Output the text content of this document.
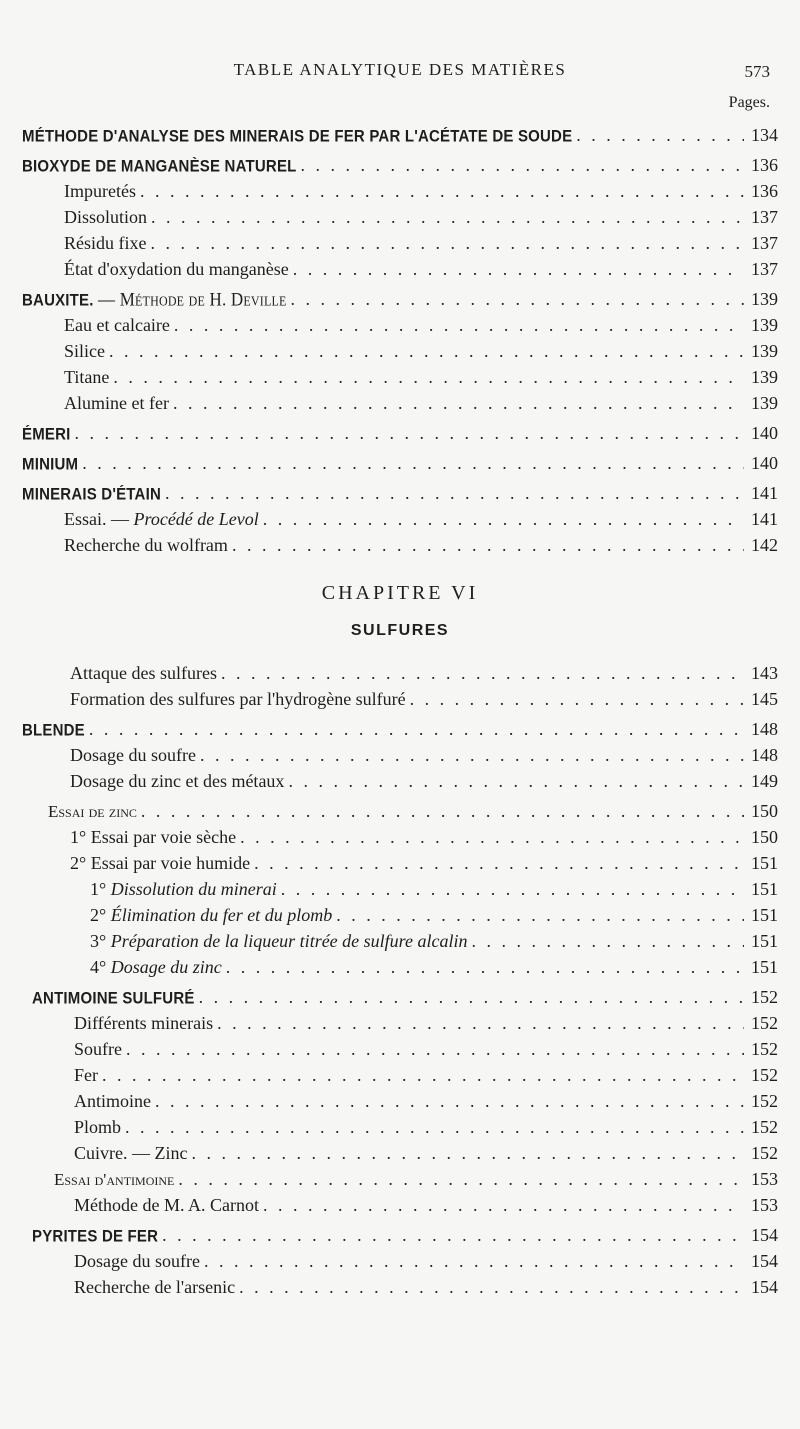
TABLE ANALYTIQUE DES MATIÈRES	573
Pages.
MÉTHODE D'ANALYSE DES MINERAIS DE FER PAR L'ACÉTATE DE SOUDE . . .	134
BIOXYDE DE MANGANÈSE NATUREL . . .	136
Impuretés . . .	136
Dissolution . . .	137
Résidu fixe . . .	137
État d'oxydation du manganèse . . .	137
BAUXITE. — Méthode de H. Deville . . .	139
Eau et calcaire . . .	139
Silice . . .	139
Titane . . .	139
Alumine et fer . . .	139
ÉMERI . . .	140
MINIUM . . .	140
MINERAIS D'ÉTAIN . . .	141
Essai. — Procédé de Levol . . .	141
Recherche du wolfram . . .	142
CHAPITRE VI
SULFURES
Attaque des sulfures . . .	143
Formation des sulfures par l'hydrogène sulfuré . . .	145
BLENDE . . .	148
Dosage du soufre . . .	148
Dosage du zinc et des métaux . . .	149
Essai de zinc . . .	150
1° Essai par voie sèche . . .	150
2° Essai par voie humide . . .	151
1° Dissolution du minerai . . .	151
2° Élimination du fer et du plomb . . .	151
3° Préparation de la liqueur titrée de sulfure alcalin . . .	151
4° Dosage du zinc . . .	151
ANTIMOINE SULFURÉ . . .	152
Différents minerais . . .	152
Soufre . . .	152
Fer . . .	152
Antimoine . . .	152
Plomb . . .	152
Cuivre. — Zinc . . .	152
Essai d'antimoine . . .	153
Méthode de M. A. Carnot . . .	153
PYRITES DE FER . . .	154
Dosage du soufre . . .	154
Recherche de l'arsenic . . .	154
